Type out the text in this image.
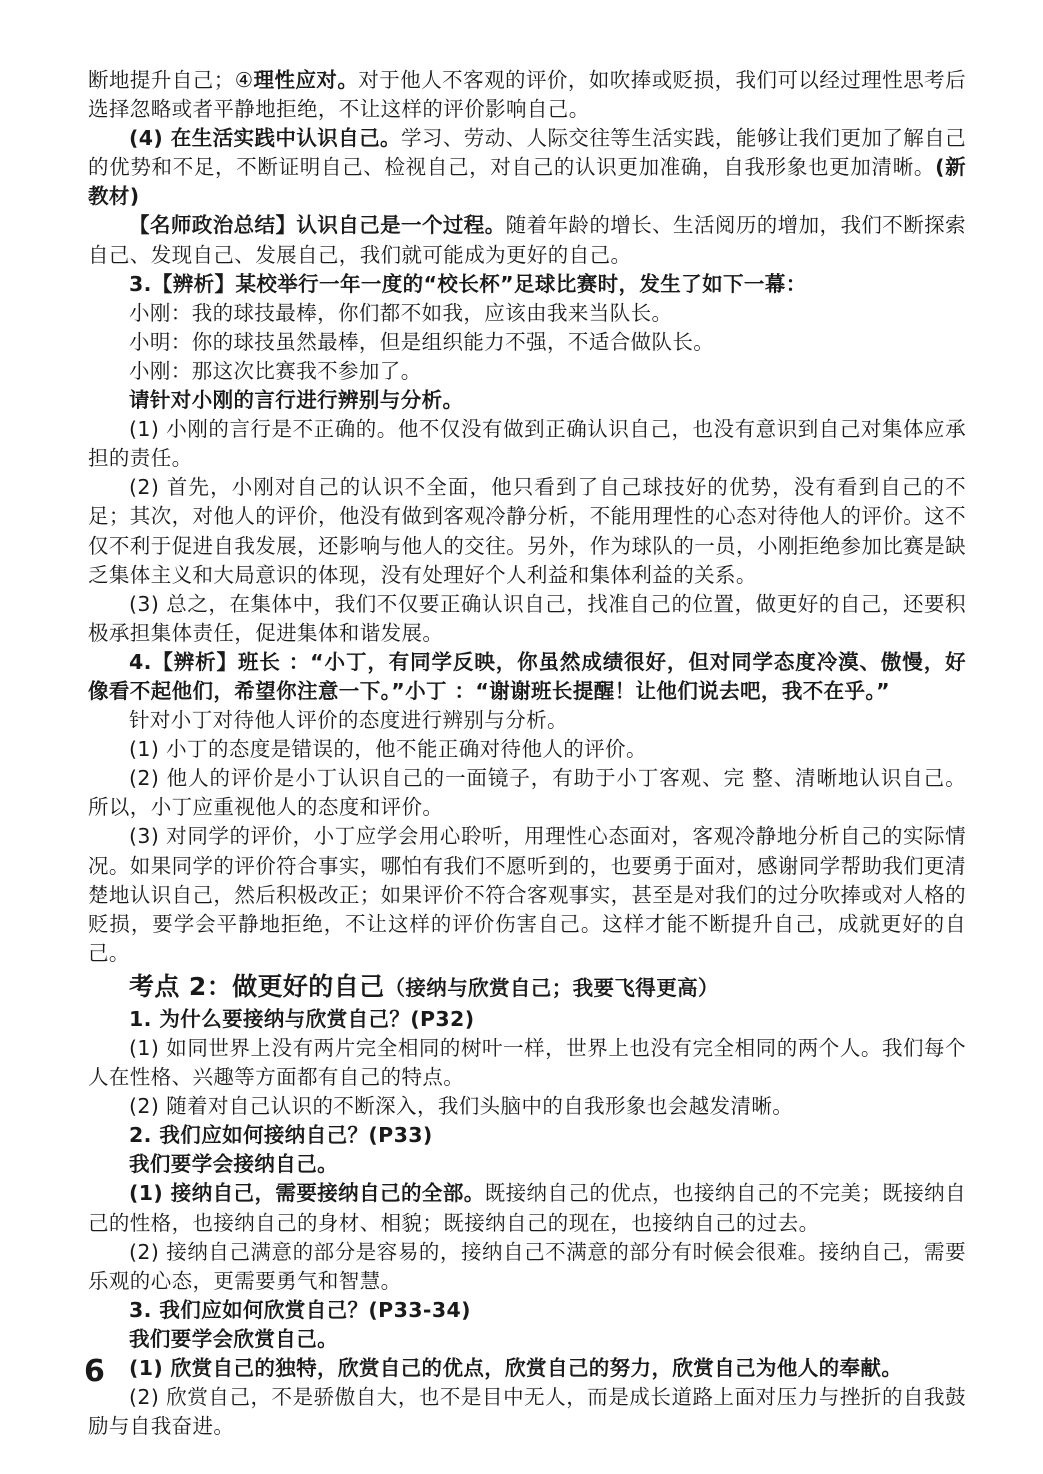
断地提升自己；④理性应对。对于他人不客观的评价，如吹捧或贬损，我们可以经过理性思考后选择忽略或者平静地拒绝，不让这样的评价影响自己。

(4) 在生活实践中认识自己。学习、劳动、人际交往等生活实践，能够让我们更加了解自己的优势和不足，不断证明自己、检视自己，对自己的认识更加准确，自我形象也更加清晰。(新教材)

【名师政治总结】认识自己是一个过程。随着年龄的增长、生活阅历的增加，我们不断探索自己、发现自己、发展自己，我们就可能成为更好的自己。

3.【辨析】某校举行一年一度的“校长杯”足球比赛时，发生了如下一幕：

小刚：我的球技最棒，你们都不如我，应该由我来当队长。

小明：你的球技虽然最棒，但是组织能力不强，不适合做队长。

小刚：那这次比赛我不参加了。

请针对小刚的言行进行辨别与分析。

(1) 小刚的言行是不正确的。他不仅没有做到正确认识自己，也没有意识到自己对集体应承担的责任。

(2) 首先，小刚对自己的认识不全面，他只看到了自己球技好的优势，没有看到自己的不足；其次，对他人的评价，他没有做到客观冷静分析，不能用理性的心态对待他人的评价。这不仅不利于促进自我发展，还影响与他人的交往。另外，作为球队的一员，小刚拒绝参加比赛是缺乏集体主义和大局意识的体现，没有处理好个人利益和集体利益的关系。

(3) 总之，在集体中，我们不仅要正确认识自己，找准自己的位置，做更好的自己，还要积极承担集体责任，促进集体和谐发展。

4.【辨析】班长 ：“小丁，有同学反映，你虽然成绩很好，但对同学态度冷漠、傲慢，好像看不起他们，希望你注意一下。”小丁 ：“谢谢班长提醒！让他们说去吧，我不在乎。”

针对小丁对待他人评价的态度进行辨别与分析。

(1) 小丁的态度是错误的，他不能正确对待他人的评价。

(2) 他人的评价是小丁认识自己的一面镜子，有助于小丁客观、完 整、清晰地认识自己。所以，小丁应重视他人的态度和评价。

(3) 对同学的评价，小丁应学会用心聆听，用理性心态面对，客观冷静地分析自己的实际情况。如果同学的评价符合事实，哪怕有我们不愿听到的，也要勇于面对，感谢同学帮助我们更清楚地认识自己，然后积极改正；如果评价不符合客观事实，甚至是对我们的过分吹捧或对人格的贬损，要学会平静地拒绝，不让这样的评价伤害自己。这样才能不断提升自己，成就更好的自己。

考点 2：做更好的自己（接纳与欣赏自己；我要飞得更高）

1. 为什么要接纳与欣赏自己？(P32)

(1) 如同世界上没有两片完全相同的树叶一样，世界上也没有完全相同的两个人。我们每个人在性格、兴趣等方面都有自己的特点。

(2) 随着对自己认识的不断深入，我们头脑中的自我形象也会越发清晰。

2. 我们应如何接纳自己？(P33)

我们要学会接纳自己。

(1) 接纳自己，需要接纳自己的全部。既接纳自己的优点，也接纳自己的不完美；既接纳自己的性格，也接纳自己的身材、相貌；既接纳自己的现在，也接纳自己的过去。

(2) 接纳自己满意的部分是容易的，接纳自己不满意的部分有时候会很难。接纳自己，需要乐观的心态，更需要勇气和智慧。

3. 我们应如何欣赏自己？(P33-34)

我们要学会欣赏自己。

(1) 欣赏自己的独特，欣赏自己的优点，欣赏自己的努力，欣赏自己为他人的奉献。

(2) 欣赏自己，不是骄傲自大，也不是目中无人，而是成长道路上面对压力与挫折的自我鼓励与自我奋进。

6
